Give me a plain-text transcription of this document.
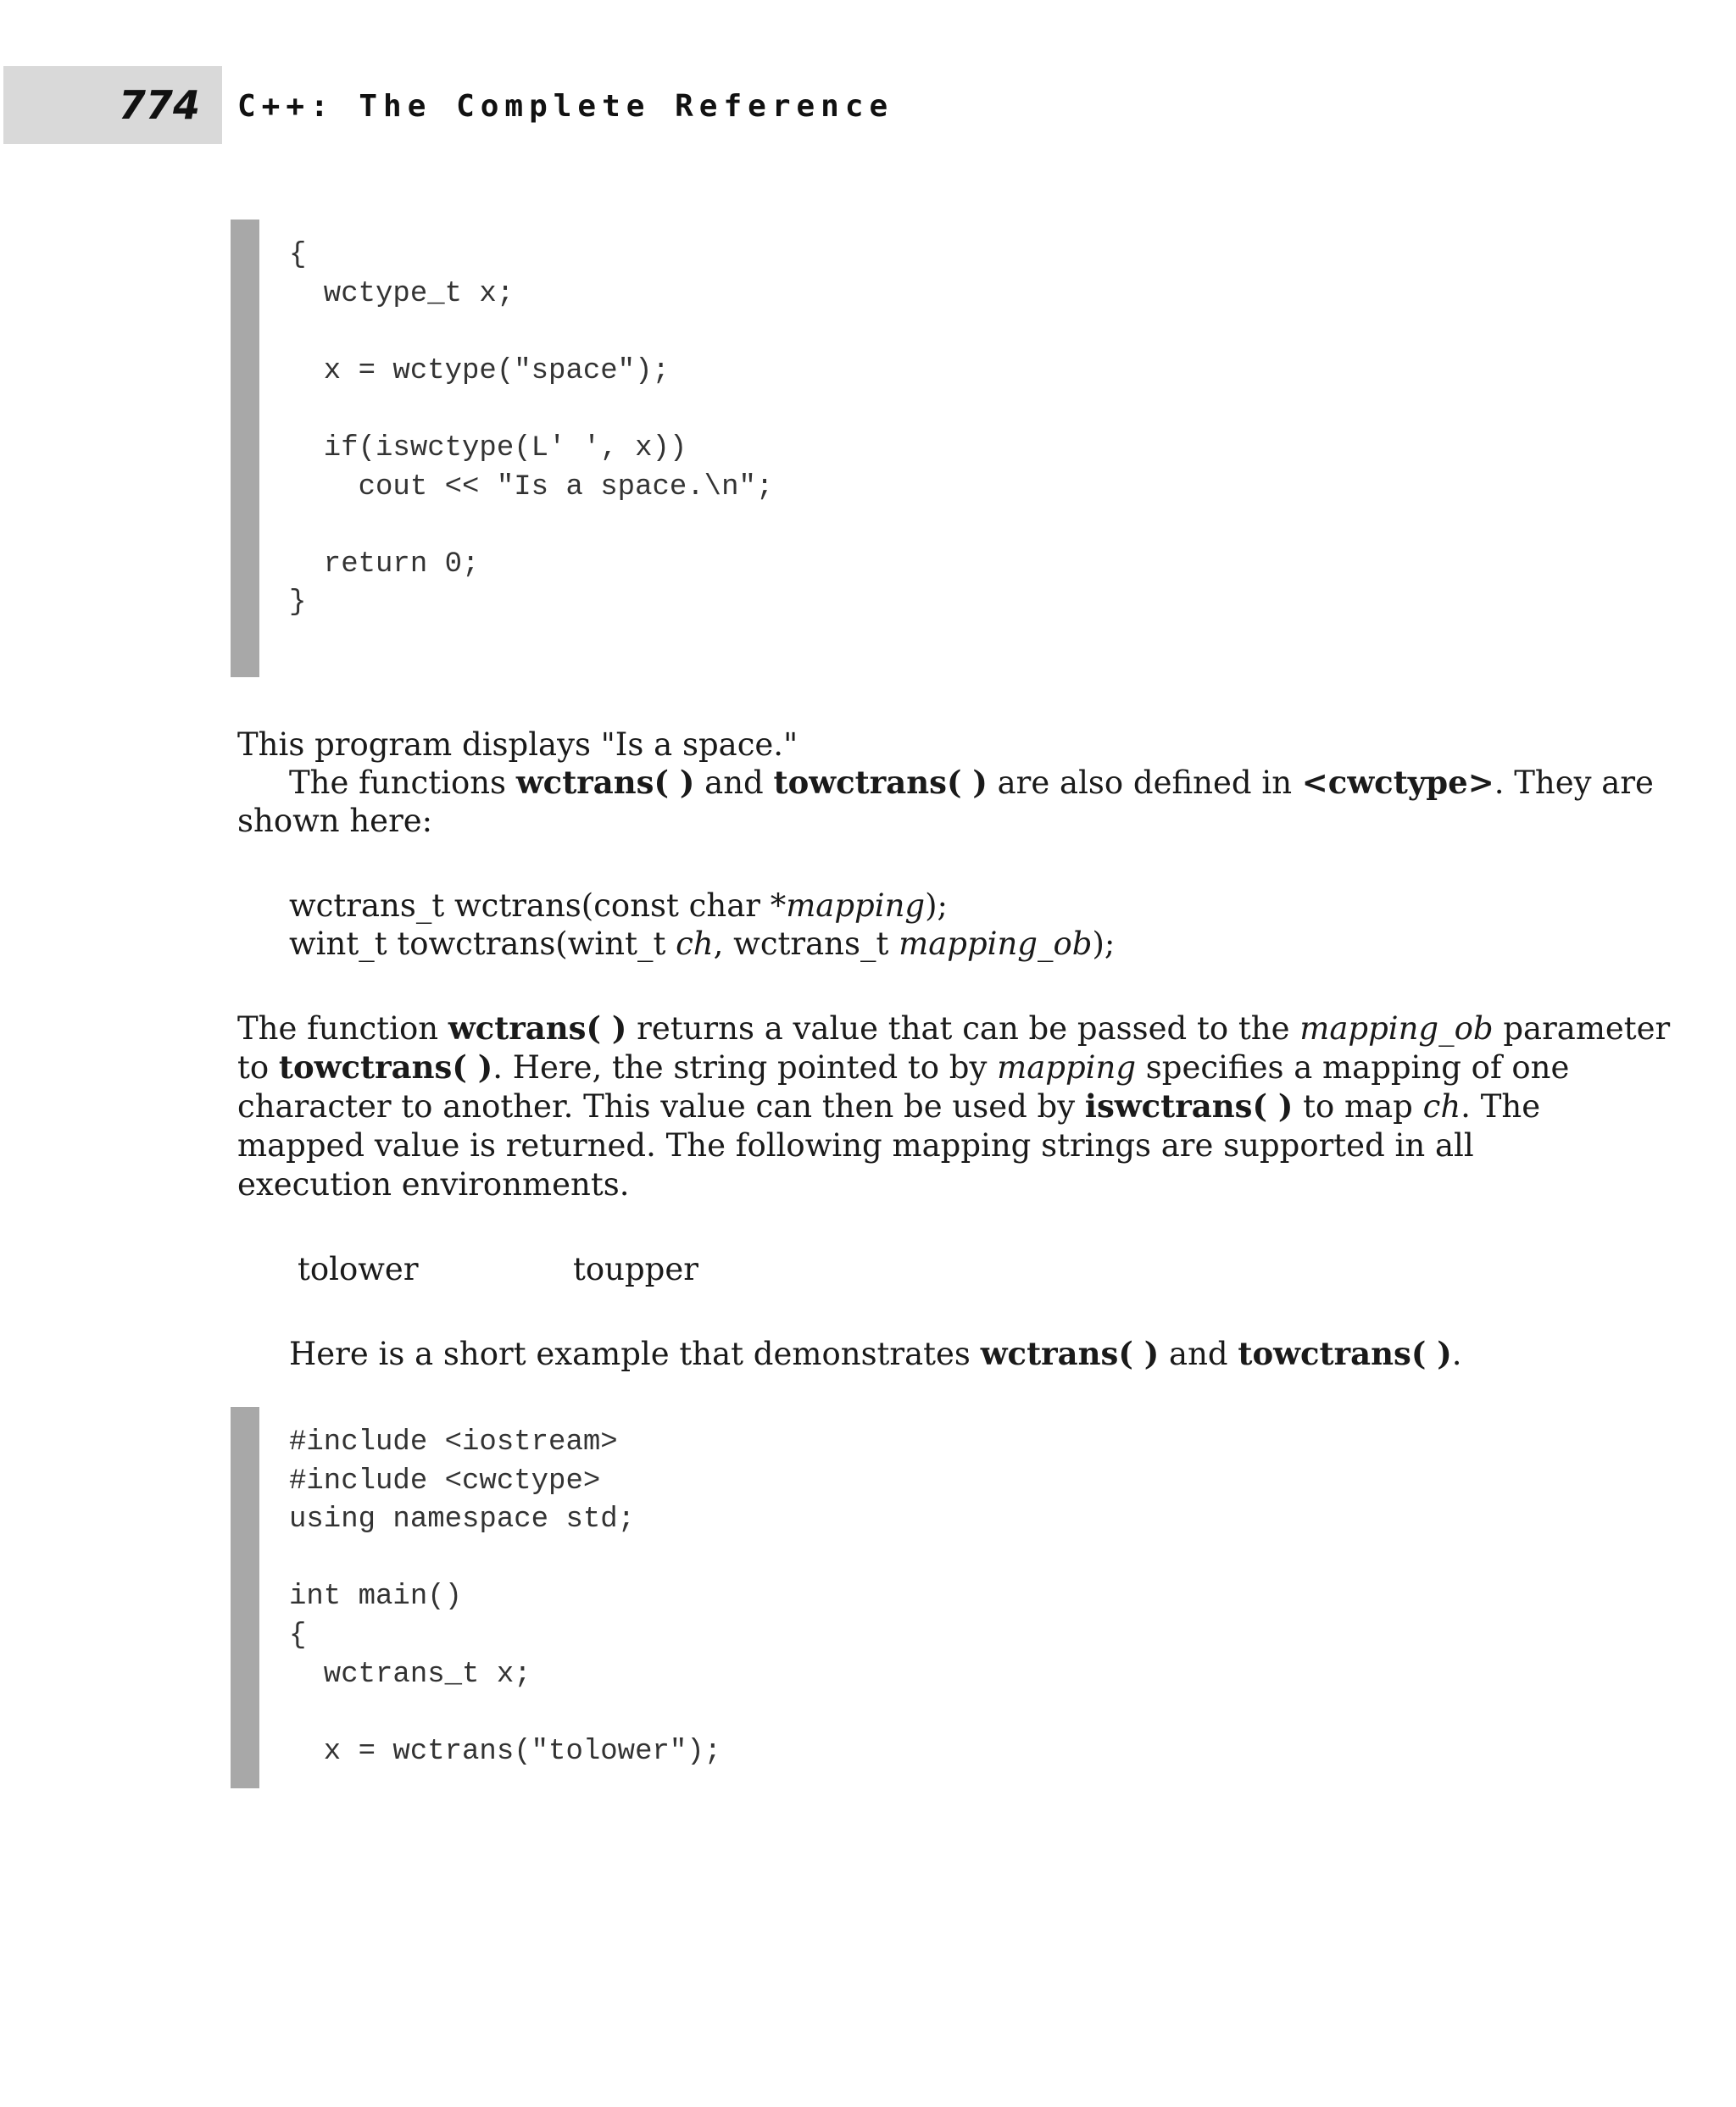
774 C++: The Complete Reference
{
wctype_t x;
x = wctype("space");
if(iswctype(L' ', x))
cout << "Is a space.\n";
return 0;
}

This program displays "Is a space."

The functions wctrans( ) and towctrans( ) are also defined in <cwctype>. They are

shown here:

wctrans_t wctrans(const char *mapping);

wint_t towctrans(wint_t ch, wctrans_t mapping_ob);

The function wctrans( ) returns a value that can be passed to the mapping_ob parameter

to towctrans( ). Here, the string pointed to by mapping specifies a mapping of one

character to another. This value can then be used by iswctrans( ) to map ch. The

mapped value is returned. The following mapping strings are supported in all

execution environments.

tolower	toupper

Here is a short example that demonstrates wctrans( ) and towctrans( ).

#include <iostream>
#include <cwctype>
using namespace std;
int main()
{
wctrans_t x;
x = wctrans("tolower");
